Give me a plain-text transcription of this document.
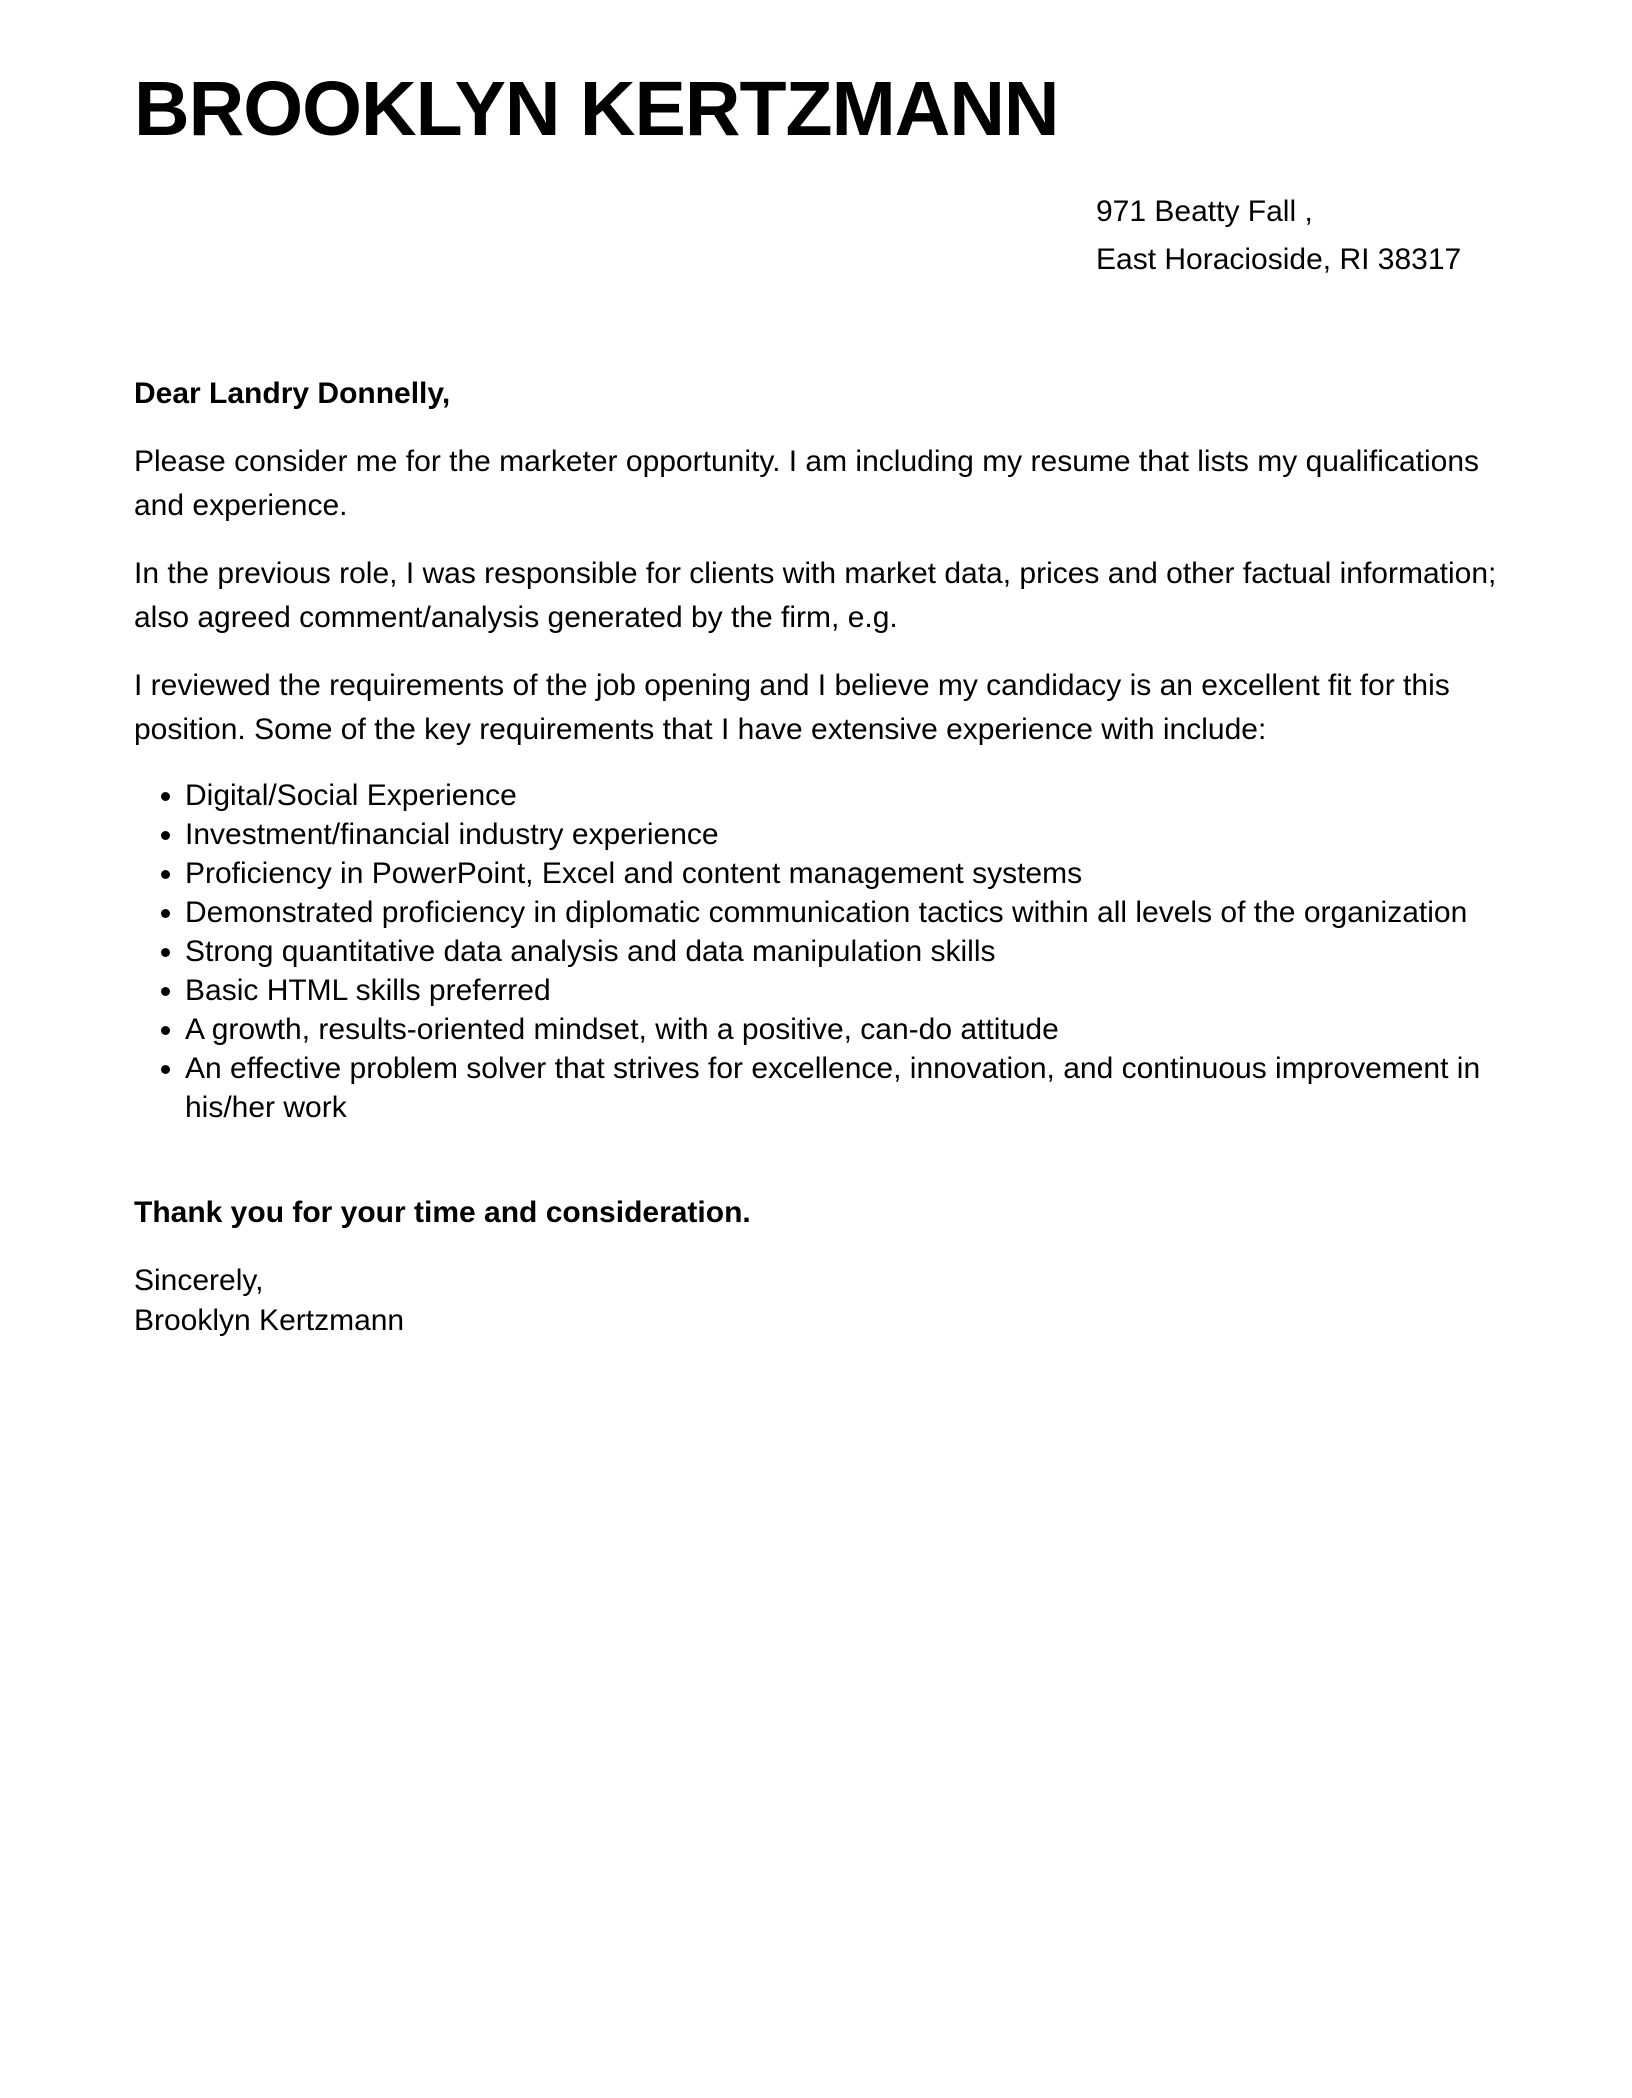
BROOKLYN KERTZMANN
971 Beatty Fall ,
East Horacioside, RI 38317

Dear Landry Donnelly,

Please consider me for the marketer opportunity. I am including my resume that lists my qualifications and experience.

In the previous role, I was responsible for clients with market data, prices and other factual information; also agreed comment/analysis generated by the firm, e.g.

I reviewed the requirements of the job opening and I believe my candidacy is an excellent fit for this position. Some of the key requirements that I have extensive experience with include:

• Digital/Social Experience
• Investment/financial industry experience
• Proficiency in PowerPoint, Excel and content management systems
• Demonstrated proficiency in diplomatic communication tactics within all levels of the organization
• Strong quantitative data analysis and data manipulation skills
• Basic HTML skills preferred
• A growth, results-oriented mindset, with a positive, can-do attitude
• An effective problem solver that strives for excellence, innovation, and continuous improvement in his/her work

Thank you for your time and consideration.

Sincerely,
Brooklyn Kertzmann
